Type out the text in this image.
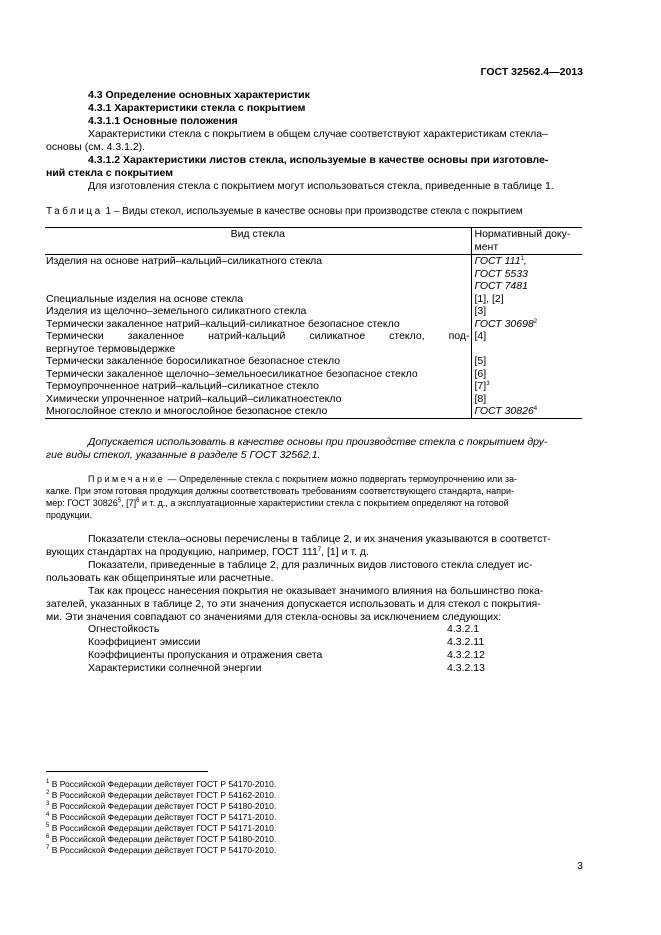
ГОСТ 32562.4—2013
4.3 Определение основных характеристик
4.3.1 Характеристики стекла с покрытием
4.3.1.1 Основные положения
Характеристики стекла с покрытием в общем случае соответствуют характеристикам стекла–
основы (см. 4.3.1.2).
4.3.1.2 Характеристики листов стекла, используемые в качестве основы при изготовле-
ний стекла с покрытием
Для изготовления стекла с покрытием могут использоваться стекла, приведенные в таблице 1.
Таблица 1 – Виды стекол, используемые в качестве основы при производстве стекла с покрытием
Вид стекла	Нормативный доку-
мент

Изделия на основе натрий–кальций–силикатного стекла	ГОСТ $111^1$,
	ГОСТ 5533
	ГОСТ 7481
Специальные изделия на основе стекла	[1], [2]
Изделия из щелочно–земельного силикатного стекла	[3]
Термически закаленное натрий–кальций-силикатное безопасное стекло	ГОСТ 30698$^2$
Термически закаленное натрий-кальций силикатное стекло, под-	[4]
вергнутое термовыдержке	
Термически закаленное боросиликатное безопасное стекло	[5]
Термически закаленное щелочно–земельноесиликатное безопасное стекло	[6]
Термоупрочненное натрий–кальций–силикатное стекло	$[7]^3$
Химически упрочненное натрий–кальций–силикатноестекло	[8]
Многослойное стекло и многослойное безопасное стекло	ГОСТ 30826$^4$
Допускается использовать в качестве основы при производстве стекла с покрытием дру-
гие виды стекол, указанные в разделе 5 ГОСТ 32562.1.
Примечание — Определенные стекла с покрытием можно подвергать термоупрочнению или за-
калке. При этом готовая продукция должны соответствовать требованиям соответствующего стандарта, напри-
мер: ГОСТ 30826$^5$, $[7]^6$ и т. д., а эксплуатационные характеристики стекла с покрытием определяют на готовой
продукции.
Показатели стекла–основы перечислены в таблице 2, и их значения указываются в соответст-
вующих стандартах на продукцию, например, ГОСТ $111^7$, [1] и т. д.
Показатели, приведенные в таблице 2, для различных видов листового стекла следует ис-
пользовать как общепринятые или расчетные.
Так как процесс нанесения покрытия не оказывает значимого влияния на большинство пока-
зателей, указанных в таблице 2, то эти значения допускается использовать и для стекол с покрытия-
ми. Эти значения совпадают со значениями для стекла-основы за исключением следующих:
Огнестойкость	4.3.2.1
Коэффициент эмиссии	4.3.2.11
Коэффициенты пропускания и отражения света	4.3.2.12
Характеристики солнечной энергии	4.3.2.13
$^1$ В Российской Федерации действует ГОСТ Р 54170-2010.
$^2$ В Российской Федерации действует ГОСТ Р 54162-2010.
$^3$ В Российской Федерации действует ГОСТ Р 54180-2010.
$^4$ В Российской Федерации действует ГОСТ Р 54171-2010.
$^5$ В Российской Федерации действует ГОСТ Р 54171-2010.
$^6$ В Российской Федерации действует ГОСТ Р 54180-2010.
$^7$ В Российской Федерации действует ГОСТ Р 54170-2010.
3
